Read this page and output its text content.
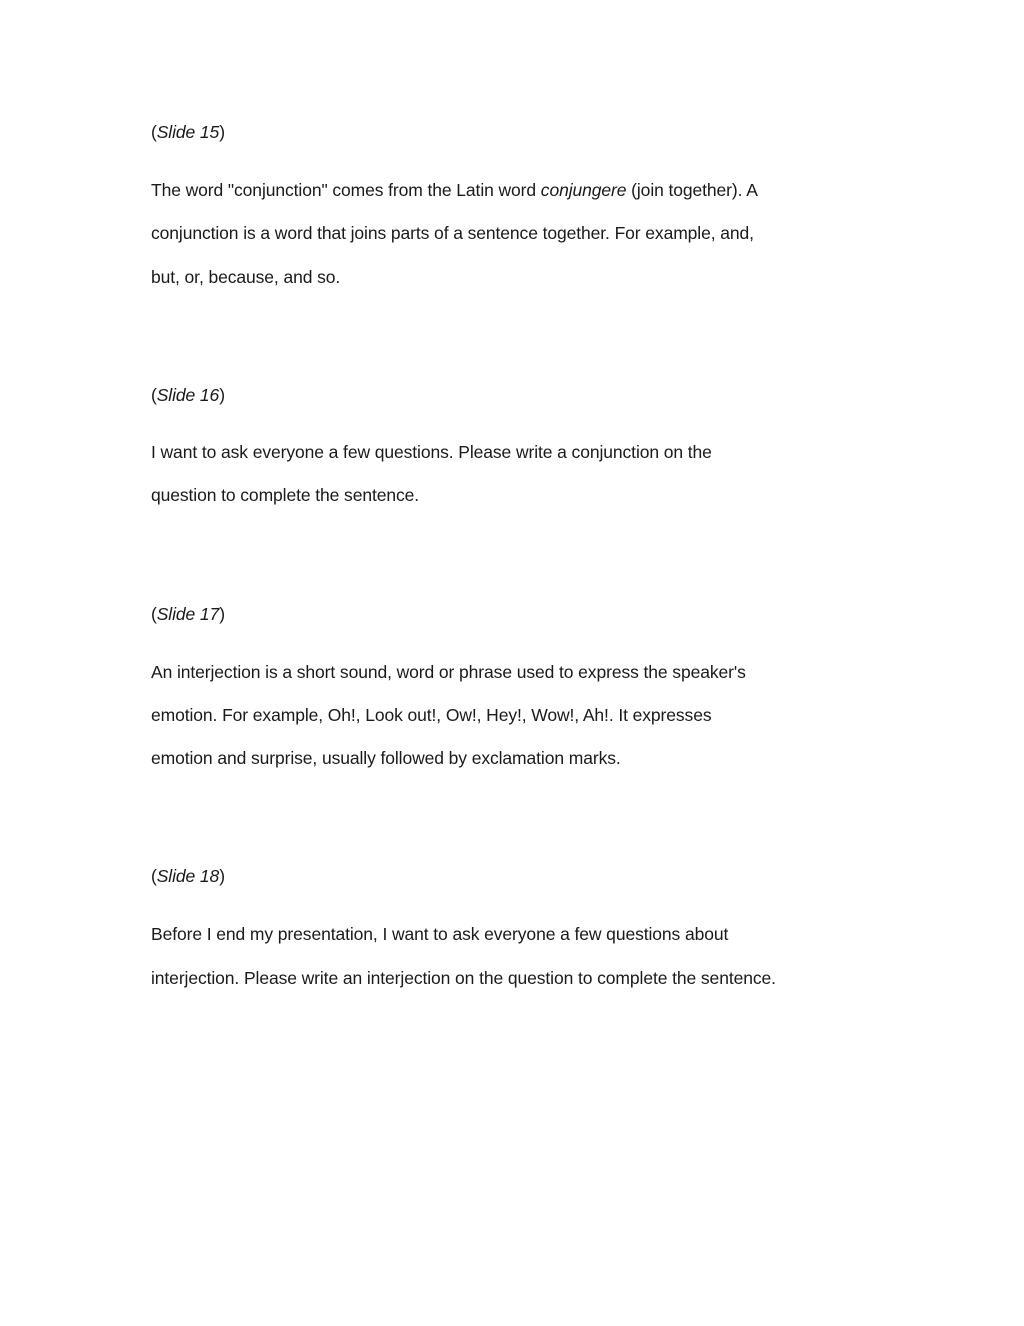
(Slide 15)
The word "conjunction" comes from the Latin word conjungere (join together). A
conjunction is a word that joins parts of a sentence together. For example, and,
but, or, because, and so.
(Slide 16)
I want to ask everyone a few questions. Please write a conjunction on the
question to complete the sentence.
(Slide 17)
An interjection is a short sound, word or phrase used to express the speaker's
emotion. For example, Oh!, Look out!, Ow!, Hey!, Wow!, Ah!. It expresses
emotion and surprise, usually followed by exclamation marks.
(Slide 18)
Before I end my presentation, I want to ask everyone a few questions about
interjection. Please write an interjection on the question to complete the sentence.
